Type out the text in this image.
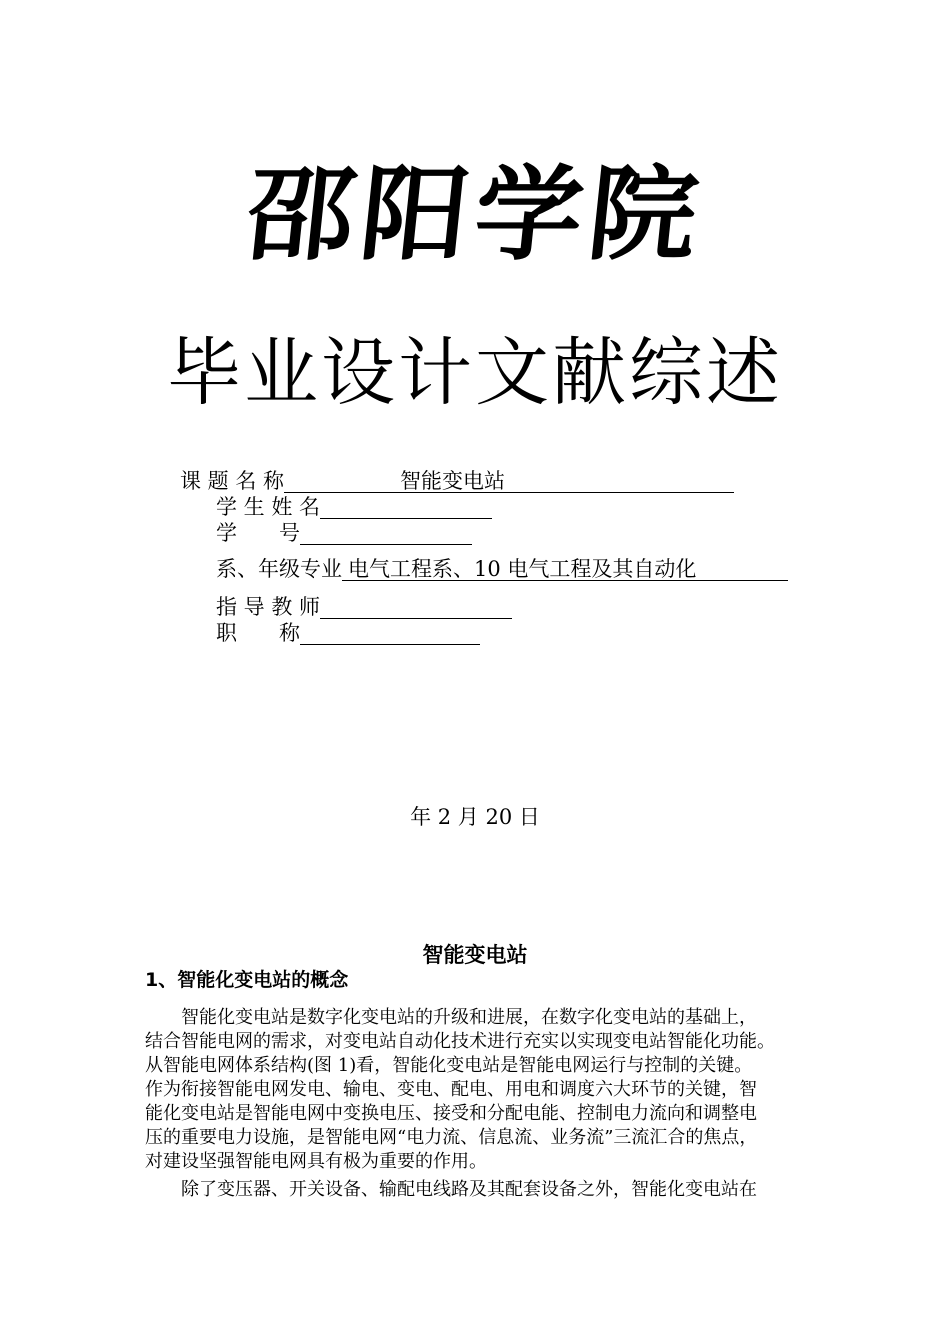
邵阳学院
毕业设计文献综述
课 题 名 称	智能变电站
学 生 姓 名
学　　号
系、年级专业 电气工程系、10 电气工程及其自动化
指 导 教 师
职　　称
年 2 月 20 日
智能变电站
1、智能化变电站的概念
智能化变电站是数字化变电站的升级和进展，在数字化变电站的基础上，
结合智能电网的需求，对变电站自动化技术进行充实以实现变电站智能化功能。
从智能电网体系结构(图 1)看，智能化变电站是智能电网运行与控制的关键。
作为衔接智能电网发电、输电、变电、配电、用电和调度六大环节的关键，智
能化变电站是智能电网中变换电压、接受和分配电能、控制电力流向和调整电
压的重要电力设施，是智能电网“电力流、信息流、业务流”三流汇合的焦点，
对建设坚强智能电网具有极为重要的作用。
除了变压器、开关设备、输配电线路及其配套设备之外，智能化变电站在
